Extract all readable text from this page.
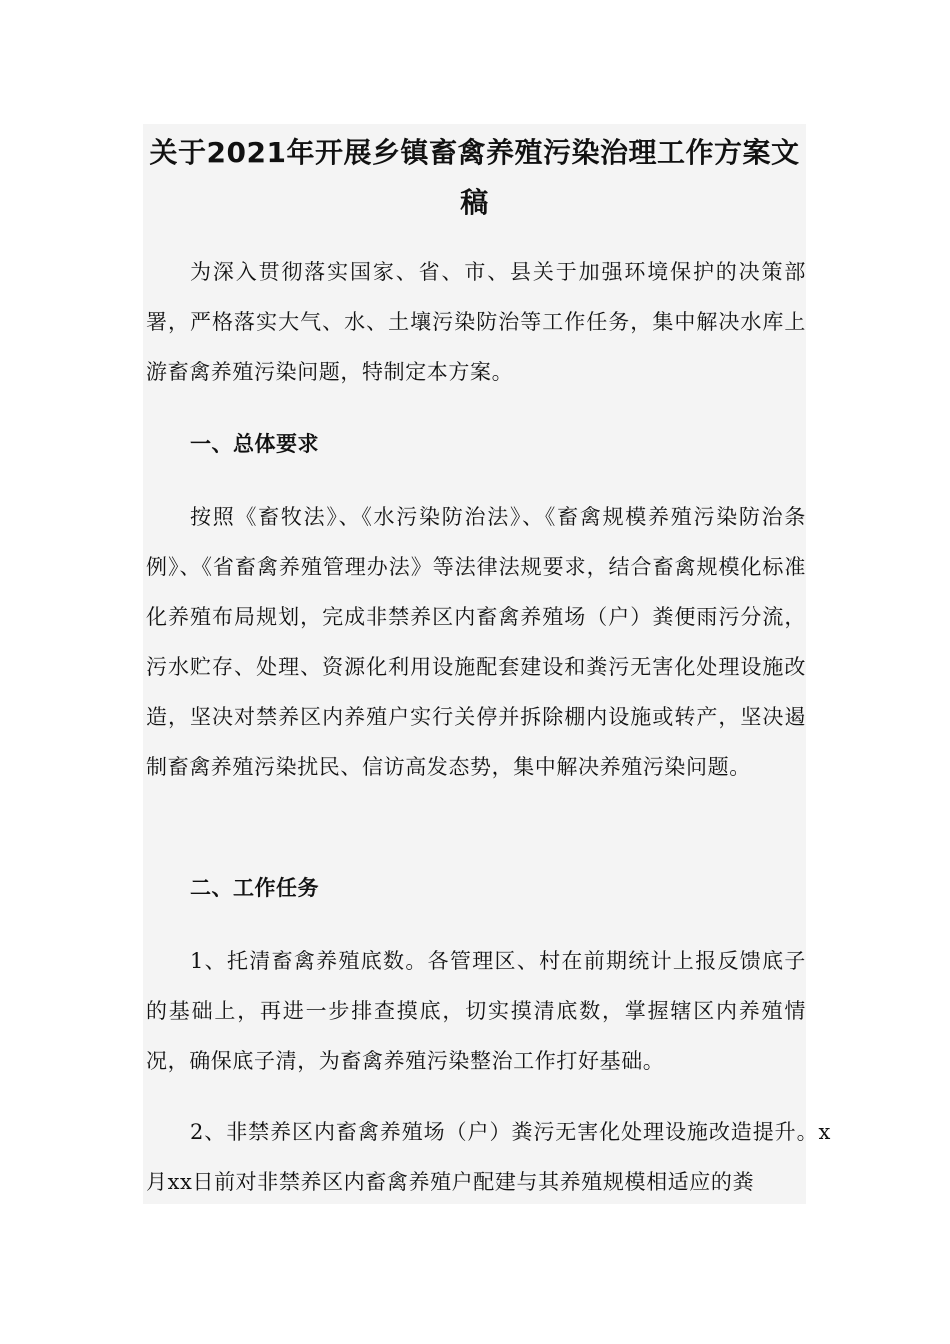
关于2021年开展乡镇畜禽养殖污染治理工作方案文稿

为深入贯彻落实国家、省、市、县关于加强环境保护的决策部署，严格落实大气、水、土壤污染防治等工作任务，集中解决水库上游畜禽养殖污染问题，特制定本方案。

一、总体要求

按照《畜牧法》、《水污染防治法》、《畜禽规模养殖污染防治条例》、《省畜禽养殖管理办法》等法律法规要求，结合畜禽规模化标准化养殖布局规划，完成非禁养区内畜禽养殖场（户）粪便雨污分流，污水贮存、处理、资源化利用设施配套建设和粪污无害化处理设施改造，坚决对禁养区内养殖户实行关停并拆除棚内设施或转产，坚决遏制畜禽养殖污染扰民、信访高发态势，集中解决养殖污染问题。

二、工作任务

1、托清畜禽养殖底数。各管理区、村在前期统计上报反馈底子的基础上，再进一步排查摸底，切实摸清底数，掌握辖区内养殖情况，确保底子清，为畜禽养殖污染整治工作打好基础。

2、非禁养区内畜禽养殖场（户）粪污无害化处理设施改造提升。x月xx日前对非禁养区内畜禽养殖户配建与其养殖规模相适应的粪
